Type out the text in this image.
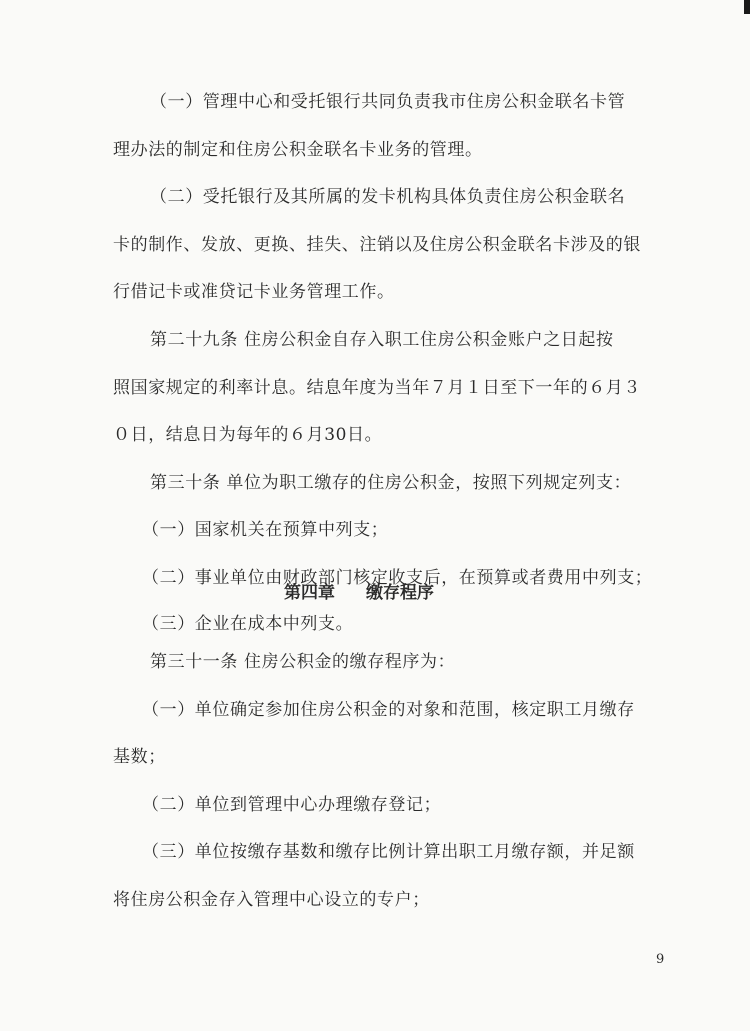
（一）管理中心和受托银行共同负责我市住房公积金联名卡管
理办法的制定和住房公积金联名卡业务的管理。
（二）受托银行及其所属的发卡机构具体负责住房公积金联名
卡的制作、发放、更换、挂失、注销以及住房公积金联名卡涉及的银
行借记卡或准贷记卡业务管理工作。
第二十九条 住房公积金自存入职工住房公积金账户之日起按
照国家规定的利率计息。结息年度为当年７月１日至下一年的６月３
０日，结息日为每年的６月30日。
第三十条 单位为职工缴存的住房公积金，按照下列规定列支：
（一）国家机关在预算中列支；
（二）事业单位由财政部门核定收支后，在预算或者费用中列支；
（三）企业在成本中列支。
第四章 缴存程序
第三十一条 住房公积金的缴存程序为：
（一）单位确定参加住房公积金的对象和范围，核定职工月缴存
基数；
（二）单位到管理中心办理缴存登记；
（三）单位按缴存基数和缴存比例计算出职工月缴存额，并足额
将住房公积金存入管理中心设立的专户；
9
